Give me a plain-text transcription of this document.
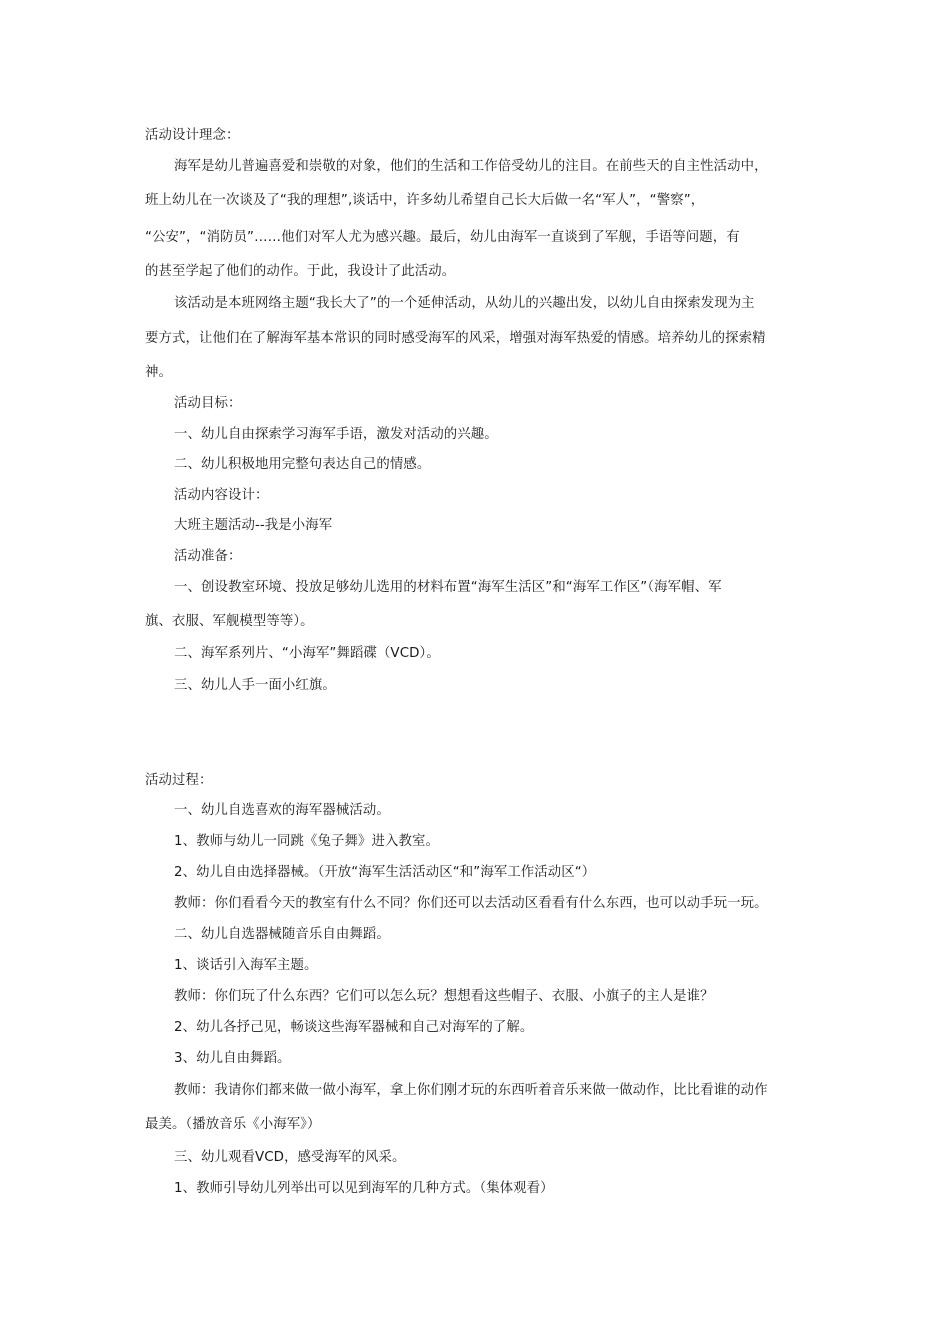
活动设计理念：
海军是幼儿普遍喜爱和崇敬的对象，他们的生活和工作倍受幼儿的注目。在前些天的自主性活动中，
班上幼儿在一次谈及了“我的理想”,谈话中，许多幼儿希望自己长大后做一名“军人”，“警察”，
“公安”，“消防员”……他们对军人尤为感兴趣。最后，幼儿由海军一直谈到了军舰，手语等问题，有
的甚至学起了他们的动作。于此，我设计了此活动。
该活动是本班网络主题“我长大了”的一个延伸活动，从幼儿的兴趣出发，以幼儿自由探索发现为主
要方式，让他们在了解海军基本常识的同时感受海军的风采，增强对海军热爱的情感。培养幼儿的探索精
神。
活动目标：
一、幼儿自由探索学习海军手语，激发对活动的兴趣。
二、幼儿积极地用完整句表达自己的情感。
活动内容设计：
大班主题活动--我是小海军
活动准备：
一、创设教室环境、投放足够幼儿选用的材料布置“海军生活区”和“海军工作区”（海军帽、军
旗、衣服、军舰模型等等）。
二、海军系列片、“小海军”舞蹈碟（VCD）。
三、幼儿人手一面小红旗。
活动过程：
一、幼儿自选喜欢的海军器械活动。
1、教师与幼儿一同跳《兔子舞》进入教室。
2、幼儿自由选择器械。（开放“海军生活活动区“和”海军工作活动区“）
教师：你们看看今天的教室有什么不同？你们还可以去活动区看看有什么东西，也可以动手玩一玩。
二、幼儿自选器械随音乐自由舞蹈。
1、谈话引入海军主题。
教师：你们玩了什么东西？它们可以怎么玩？想想看这些帽子、衣服、小旗子的主人是谁？
2、幼儿各抒己见，畅谈这些海军器械和自己对海军的了解。
3、幼儿自由舞蹈。
教师：我请你们都来做一做小海军，拿上你们刚才玩的东西听着音乐来做一做动作，比比看谁的动作
最美。（播放音乐《小海军》）
三、幼儿观看VCD，感受海军的风采。
1、教师引导幼儿列举出可以见到海军的几种方式。（集体观看）
